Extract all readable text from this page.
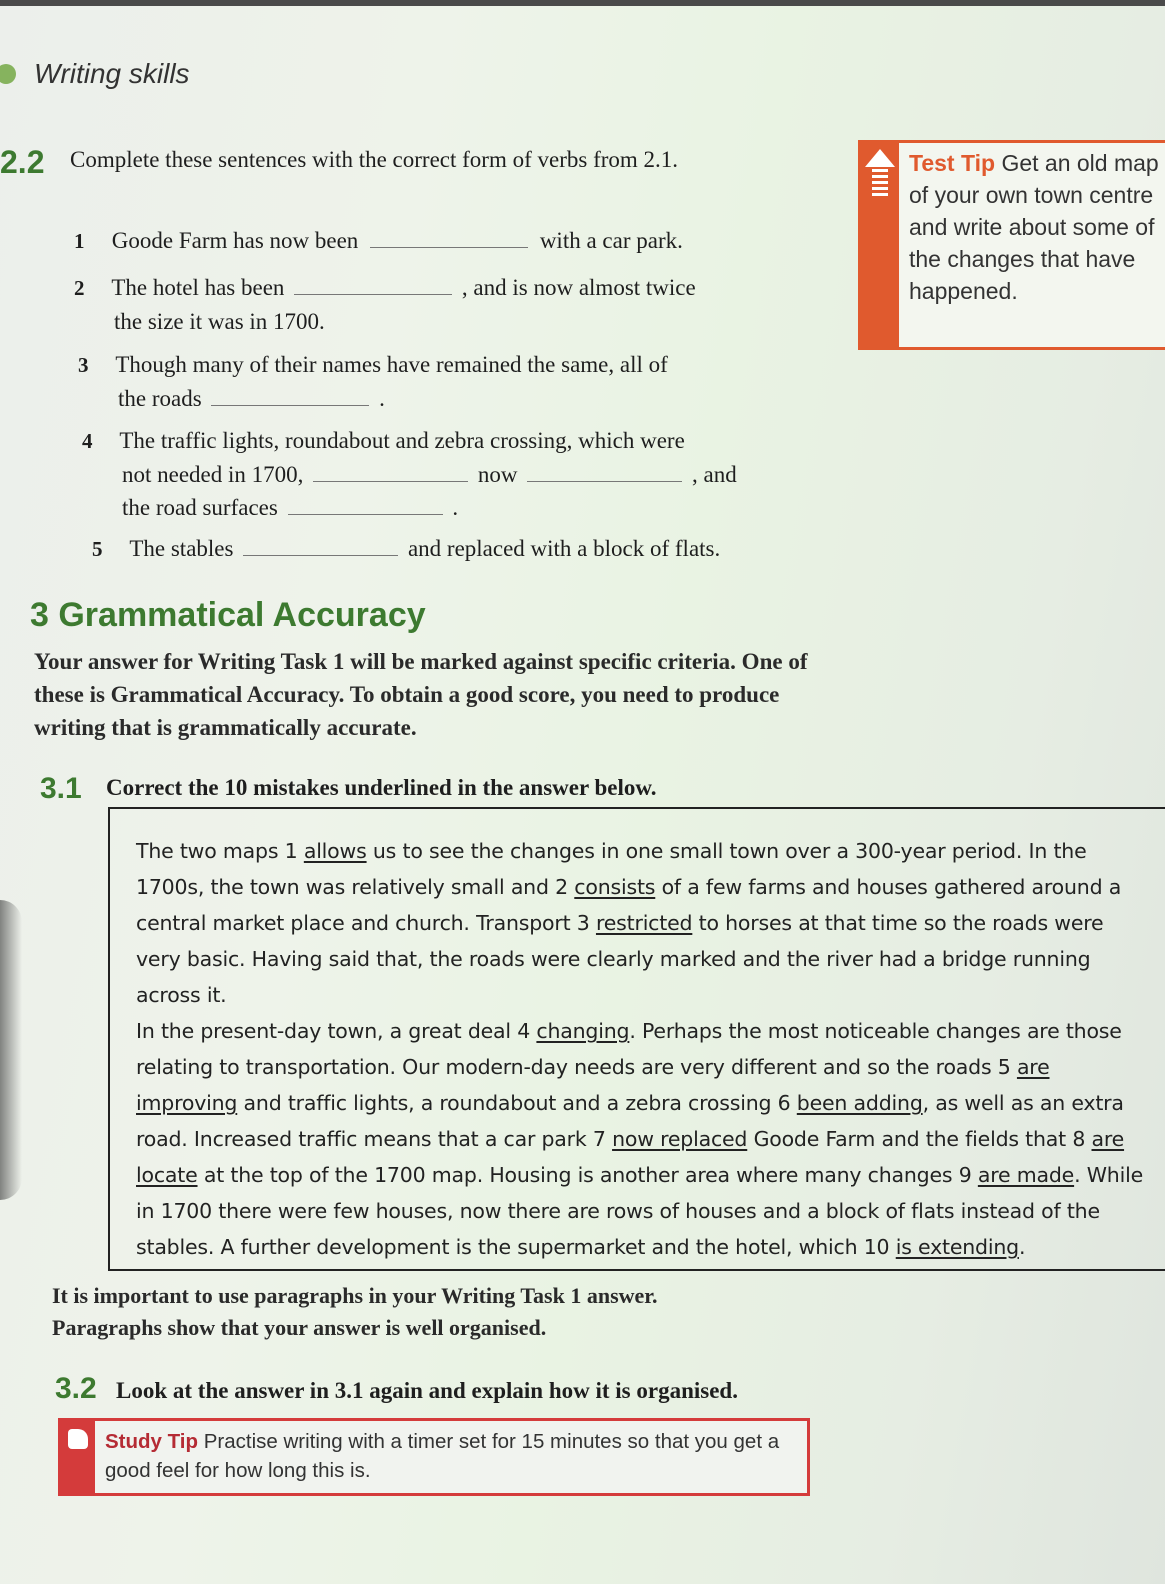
Writing skills
2.2 Complete these sentences with the correct form of verbs from 2.1.
1 Goode Farm has now been	with a car park.
2 The hotel has been	, and is now almost twice
the size it was in 1700.
3 Though many of their names have remained the same, all of
the roads	.
4 The traffic lights, roundabout and zebra crossing, which were
not needed in 1700,	now	, and
the road surfaces	.
5 The stables	and replaced with a block of flats.
Test Tip Get an old map of your own town centre and write about some of the changes that have happened.
3 Grammatical Accuracy
Your answer for Writing Task 1 will be marked against specific criteria. One of these is Grammatical Accuracy. To obtain a good score, you need to produce writing that is grammatically accurate.
3.1 Correct the 10 mistakes underlined in the answer below.

The two maps 1 allows us to see the changes in one small town over a 300-year period. In the 1700s, the town was relatively small and 2 consists of a few farms and houses gathered around a central market place and church. Transport 3 restricted to horses at that time so the roads were very basic. Having said that, the roads were clearly marked and the river had a bridge running across it.

In the present-day town, a great deal 4 changing. Perhaps the most noticeable changes are those relating to transportation. Our modern-day needs are very different and so the roads 5 are improving and traffic lights, a roundabout and a zebra crossing 6 been adding, as well as an extra road. Increased traffic means that a car park 7 now replaced Goode Farm and the fields that 8 are locate at the top of the 1700 map. Housing is another area where many changes 9 are made. While in 1700 there were few houses, now there are rows of houses and a block of flats instead of the stables. A further development is the supermarket and the hotel, which 10 is extending.

It is important to use paragraphs in your Writing Task 1 answer. Paragraphs show that your answer is well organised.
3.2 Look at the answer in 3.1 again and explain how it is organised.
Study Tip Practise writing with a timer set for 15 minutes so that you get a good feel for how long this is.
